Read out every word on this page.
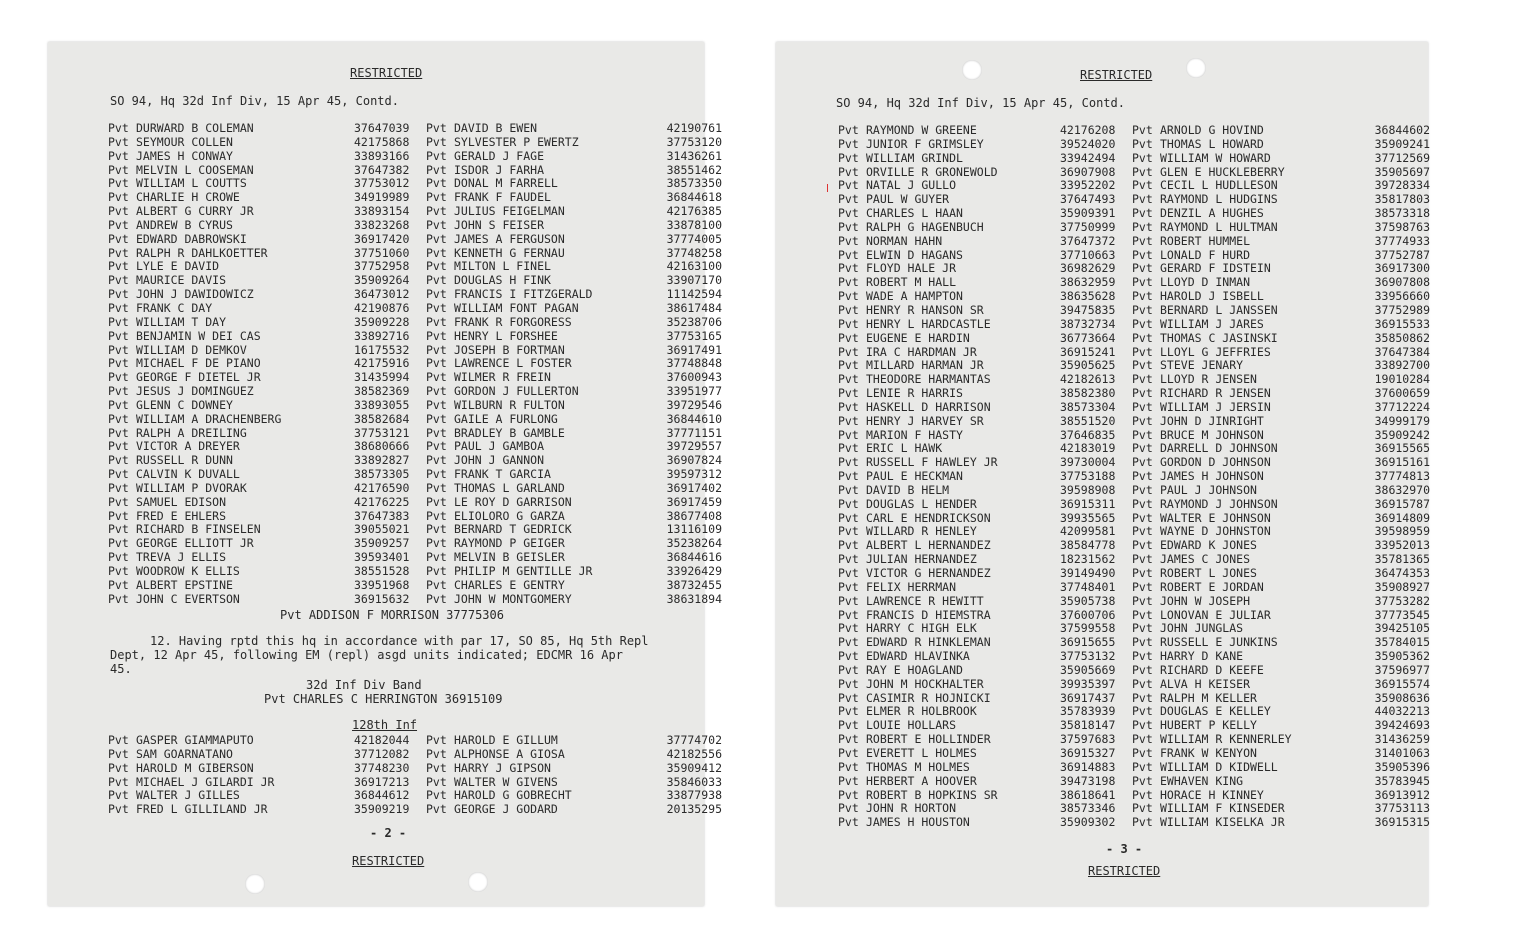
RESTRICTED
SO 94, Hq 32d Inf Div, 15 Apr 45, Contd.
Pvt DURWARD B COLEMAN	37647039	Pvt DAVID B EWEN	42190761
Pvt SEYMOUR COLLEN	42175868	Pvt SYLVESTER P EWERTZ	37753120
Pvt JAMES H CONWAY	33893166	Pvt GERALD J FAGE	31436261
Pvt MELVIN L COOSEMAN	37647382	Pvt ISDOR J FARHA	38551462
Pvt WILLIAM L COUTTS	37753012	Pvt DONAL M FARRELL	38573350
Pvt CHARLIE H CROWE	34919989	Pvt FRANK F FAUDEL	36844618
Pvt ALBERT G CURRY JR	33893154	Pvt JULIUS FEIGELMAN	42176385
Pvt ANDREW B CYRUS	33823268	Pvt JOHN S FEISER	33878100
Pvt EDWARD DABROWSKI	36917420	Pvt JAMES A FERGUSON	37774005
Pvt RALPH R DAHLKOETTER	37751060	Pvt KENNETH G FERNAU	37748258
Pvt LYLE E DAVID	37752958	Pvt MILTON L FINEL	42163100
Pvt MAURICE DAVIS	35909264	Pvt DOUGLAS H FINK	33907170
Pvt JOHN J DAWIDOWICZ	36473012	Pvt FRANCIS I FITZGERALD	11142594
Pvt FRANK C DAY	42190876	Pvt WILLIAM FONT PAGAN	38617484
Pvt WILLIAM T DAY	35909228	Pvt FRANK R FORGORESS	35238706
Pvt BENJAMIN W DEI CAS	33892716	Pvt HENRY L FORSHEE	37753165
Pvt WILLIAM D DEMKOV	16175532	Pvt JOSEPH B FORTMAN	36917491
Pvt MICHAEL F DE PIANO	42175916	Pvt LAWRENCE L FOSTER	37748848
Pvt GEORGE F DIETEL JR	31435994	Pvt WILMER R FREIN	37600943
Pvt JESUS J DOMINGUEZ	38582369	Pvt GORDON J FULLERTON	33951977
Pvt GLENN C DOWNEY	33893055	Pvt WILBURN R FULTON	39729546
Pvt WILLIAM A DRACHENBERG	38582684	Pvt GAILE A FURLONG	36844610
Pvt RALPH A DREILING	37753121	Pvt BRADLEY B GAMBLE	37771151
Pvt VICTOR A DREYER	38680666	Pvt PAUL J GAMBOA	39729557
Pvt RUSSELL R DUNN	33892827	Pvt JOHN J GANNON	36907824
Pvt CALVIN K DUVALL	38573305	Pvt FRANK T GARCIA	39597312
Pvt WILLIAM P DVORAK	42176590	Pvt THOMAS L GARLAND	36917402
Pvt SAMUEL EDISON	42176225	Pvt LE ROY D GARRISON	36917459
Pvt FRED E EHLERS	37647383	Pvt ELIOLORO G GARZA	38677408
Pvt RICHARD B FINSELEN	39055021	Pvt BERNARD T GEDRICK	13116109
Pvt GEORGE ELLIOTT JR	35909257	Pvt RAYMOND P GEIGER	35238264
Pvt TREVA J ELLIS	39593401	Pvt MELVIN B GEISLER	36844616
Pvt WOODROW K ELLIS	38551528	Pvt PHILIP M GENTILLE JR	33926429
Pvt ALBERT EPSTINE	33951968	Pvt CHARLES E GENTRY	38732455
Pvt JOHN C EVERTSON	36915632	Pvt JOHN W MONTGOMERY	38631894
Pvt ADDISON F MORRISON 37775306
12. Having rptd this hq in accordance with par 17, SO 85, Hq 5th Repl Dept, 12 Apr 45, following EM (repl) asgd units indicated; EDCMR 16 Apr 45.
32d Inf Div Band
Pvt CHARLES C HERRINGTON 36915109
128th Inf
Pvt GASPER GIAMMAPUTO	42182044	Pvt HAROLD E GILLUM	37774702
Pvt SAM GOARNATANO	37712082	Pvt ALPHONSE A GIOSA	42182556
Pvt HAROLD M GIBERSON	37748230	Pvt HARRY J GIPSON	35909412
Pvt MICHAEL J GILARDI JR	36917213	Pvt WALTER W GIVENS	35846033
Pvt WALTER J GILLES	36844612	Pvt HAROLD G GOBRECHT	33877938
Pvt FRED L GILLILAND JR	35909219	Pvt GEORGE J GODARD	20135295
- 2 -
RESTRICTED
RESTRICTED
SO 94, Hq 32d Inf Div, 15 Apr 45, Contd.
Pvt RAYMOND W GREENE	42176208	Pvt ARNOLD G HOVIND	36844602
Pvt JUNIOR F GRIMSLEY	39524020	Pvt THOMAS L HOWARD	35909241
Pvt WILLIAM GRINDL	33942494	Pvt WILLIAM W HOWARD	37712569
Pvt ORVILLE R GRONEWOLD	36907908	Pvt GLEN E HUCKLEBERRY	35905697
Pvt NATAL J GULLO	33952202	Pvt CECIL L HUDLLESON	39728334
Pvt PAUL W GUYER	37647493	Pvt RAYMOND L HUDGINS	35817803
Pvt CHARLES L HAAN	35909391	Pvt DENZIL A HUGHES	38573318
Pvt RALPH G HAGENBUCH	37750999	Pvt RAYMOND L HULTMAN	37598763
Pvt NORMAN HAHN	37647372	Pvt ROBERT HUMMEL	37774933
Pvt ELWIN D HAGANS	37710663	Pvt LONALD F HURD	37752787
Pvt FLOYD HALE JR	36982629	Pvt GERARD F IDSTEIN	36917300
Pvt ROBERT M HALL	38632959	Pvt LLOYD D INMAN	36907808
Pvt WADE A HAMPTON	38635628	Pvt HAROLD J ISBELL	33956660
Pvt HENRY R HANSON SR	39475835	Pvt BERNARD L JANSSEN	37752989
Pvt HENRY L HARDCASTLE	38732734	Pvt WILLIAM J JARES	36915533
Pvt EUGENE E HARDIN	36773664	Pvt THOMAS C JASINSKI	35850862
Pvt IRA C HARDMAN JR	36915241	Pvt LLOYL G JEFFRIES	37647384
Pvt MILLARD HARMAN JR	35905625	Pvt STEVE JENARY	33892700
Pvt THEODORE HARMANTAS	42182613	Pvt LLOYD R JENSEN	19010284
Pvt LENIE R HARRIS	38582380	Pvt RICHARD R JENSEN	37600659
Pvt HASKELL D HARRISON	38573304	Pvt WILLIAM J JERSIN	37712224
Pvt HENRY J HARVEY SR	38551520	Pvt JOHN D JINRIGHT	34999179
Pvt MARION F HASTY	37646835	Pvt BRUCE M JOHNSON	35909242
Pvt ERIC L HAWK	42183019	Pvt DARRELL D JOHNSON	36915565
Pvt RUSSELL F HAWLEY JR	39730004	Pvt GORDON D JOHNSON	36915161
Pvt PAUL E HECKMAN	37753188	Pvt JAMES H JOHNSON	37774813
Pvt DAVID B HELM	39598908	Pvt PAUL J JOHNSON	38632970
Pvt DOUGLAS L HENDER	36915311	Pvt RAYMOND J JOHNSON	36915787
Pvt CARL E HENDRICKSON	39935565	Pvt WALTER E JOHNSON	36914809
Pvt WILLARD R HENLEY	42099581	Pvt WAYNE D JOHNSTON	39598959
Pvt ALBERT L HERNANDEZ	38584778	Pvt EDWARD K JONES	33952013
Pvt JULIAN HERNANDEZ	18231562	Pvt JAMES C JONES	35781365
Pvt VICTOR G HERNANDEZ	39149490	Pvt ROBERT L JONES	36474353
Pvt FELIX HERRMAN	37748401	Pvt ROBERT E JORDAN	35908927
Pvt LAWRENCE R HEWITT	35905738	Pvt JOHN W JOSEPH	37753282
Pvt FRANCIS D HIEMSTRA	37600706	Pvt LONOVAN E JULIAR	37773545
Pvt HARRY C HIGH ELK	37599558	Pvt JOHN JUNGLAS	39425105
Pvt EDWARD R HINKLEMAN	36915655	Pvt RUSSELL E JUNKINS	35784015
Pvt EDWARD HLAVINKA	37753132	Pvt HARRY D KANE	35905362
Pvt RAY E HOAGLAND	35905669	Pvt RICHARD D KEEFE	37596977
Pvt JOHN M HOCKHALTER	39935397	Pvt ALVA H KEISER	36915574
Pvt CASIMIR R HOJNICKI	36917437	Pvt RALPH M KELLER	35908636
Pvt ELMER R HOLBROOK	35783939	Pvt DOUGLAS E KELLEY	44032213
Pvt LOUIE HOLLARS	35818147	Pvt HUBERT P KELLY	39424693
Pvt ROBERT E HOLLINDER	37597683	Pvt WILLIAM R KENNERLEY	31436259
Pvt EVERETT L HOLMES	36915327	Pvt FRANK W KENYON	31401063
Pvt THOMAS M HOLMES	36914883	Pvt WILLIAM D KIDWELL	35905396
Pvt HERBERT A HOOVER	39473198	Pvt EWHAVEN KING	35783945
Pvt ROBERT B HOPKINS SR	38618641	Pvt HORACE H KINNEY	36913912
Pvt JOHN R HORTON	38573346	Pvt WILLIAM F KINSEDER	37753113
Pvt JAMES H HOUSTON	35909302	Pvt WILLIAM KISELKA JR	36915315
- 3 -
RESTRICTED
